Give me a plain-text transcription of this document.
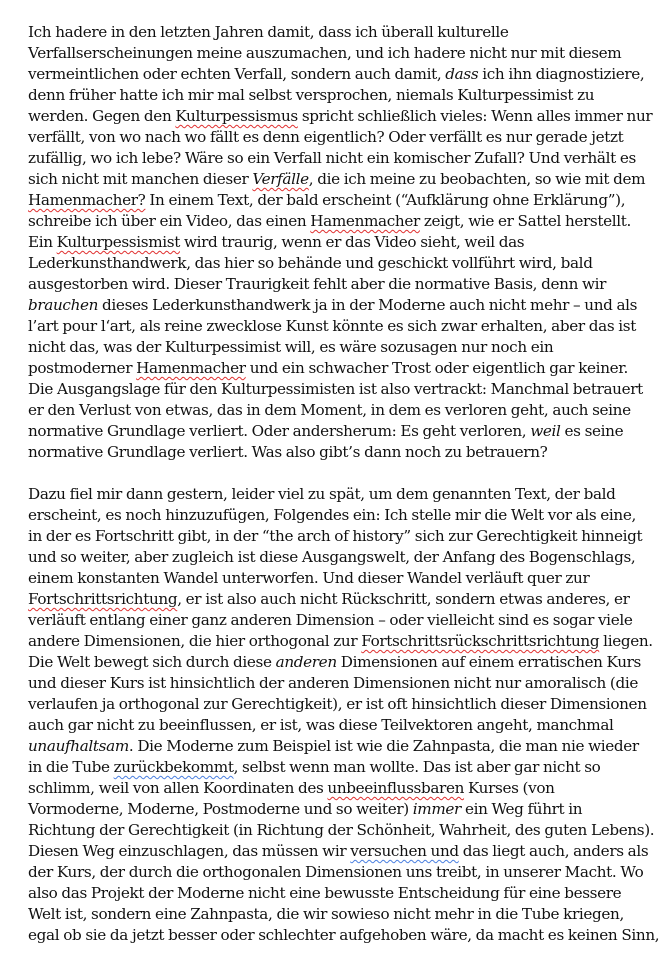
Ich hadere in den letzten Jahren damit, dass ich überall kulturelle
Verfallserscheinungen meine auszumachen, und ich hadere nicht nur mit diesem
vermeintlichen oder echten Verfall, sondern auch damit, dass ich ihn diagnostiziere,
denn früher hatte ich mir mal selbst versprochen, niemals Kulturpessimist zu
werden. Gegen den Kulturpessismus spricht schließlich vieles: Wenn alles immer nur
verfällt, von wo nach wo fällt es denn eigentlich? Oder verfällt es nur gerade jetzt
zufällig, wo ich lebe? Wäre so ein Verfall nicht ein komischer Zufall? Und verhält es
sich nicht mit manchen dieser Verfälle, die ich meine zu beobachten, so wie mit dem
Hamenmacher? In einem Text, der bald erscheint (“Aufklärung ohne Erklärung”),
schreibe ich über ein Video, das einen Hamenmacher zeigt, wie er Sattel herstellt.
Ein Kulturpessismist wird traurig, wenn er das Video sieht, weil das
Lederkunsthandwerk, das hier so behände und geschickt vollführt wird, bald
ausgestorben wird. Dieser Traurigkeit fehlt aber die normative Basis, denn wir
brauchen dieses Lederkunsthandwerk ja in der Moderne auch nicht mehr – und als
l’art pour l‘art, als reine zwecklose Kunst könnte es sich zwar erhalten, aber das ist
nicht das, was der Kulturpessimist will, es wäre sozusagen nur noch ein
postmoderner Hamenmacher und ein schwacher Trost oder eigentlich gar keiner.
Die Ausgangslage für den Kulturpessimisten ist also vertrackt: Manchmal betrauert
er den Verlust von etwas, das in dem Moment, in dem es verloren geht, auch seine
normative Grundlage verliert. Oder andersherum: Es geht verloren, weil es seine
normative Grundlage verliert. Was also gibt’s dann noch zu betrauern?
Dazu fiel mir dann gestern, leider viel zu spät, um dem genannten Text, der bald
erscheint, es noch hinzuzufügen, Folgendes ein: Ich stelle mir die Welt vor als eine,
in der es Fortschritt gibt, in der “the arch of history” sich zur Gerechtigkeit hinneigt
und so weiter, aber zugleich ist diese Ausgangswelt, der Anfang des Bogenschlags,
einem konstanten Wandel unterworfen. Und dieser Wandel verläuft quer zur
Fortschrittsrichtung, er ist also auch nicht Rückschritt, sondern etwas anderes, er
verläuft entlang einer ganz anderen Dimension – oder vielleicht sind es sogar viele
andere Dimensionen, die hier orthogonal zur Fortschrittsrückschrittsrichtung liegen.
Die Welt bewegt sich durch diese anderen Dimensionen auf einem erratischen Kurs
und dieser Kurs ist hinsichtlich der anderen Dimensionen nicht nur amoralisch (die
verlaufen ja orthogonal zur Gerechtigkeit), er ist oft hinsichtlich dieser Dimensionen
auch gar nicht zu beeinflussen, er ist, was diese Teilvektoren angeht, manchmal
unaufhaltsam. Die Moderne zum Beispiel ist wie die Zahnpasta, die man nie wieder
in die Tube zurückbekommt, selbst wenn man wollte. Das ist aber gar nicht so
schlimm, weil von allen Koordinaten des unbeeinflussbaren Kurses (von
Vormoderne, Moderne, Postmoderne und so weiter) immer ein Weg führt in
Richtung der Gerechtigkeit (in Richtung der Schönheit, Wahrheit, des guten Lebens).
Diesen Weg einzuschlagen, das müssen wir versuchen und das liegt auch, anders als
der Kurs, der durch die orthogonalen Dimensionen uns treibt, in unserer Macht. Wo
also das Projekt der Moderne nicht eine bewusste Entscheidung für eine bessere
Welt ist, sondern eine Zahnpasta, die wir sowieso nicht mehr in die Tube kriegen,
egal ob sie da jetzt besser oder schlechter aufgehoben wäre, da macht es keinen Sinn,
